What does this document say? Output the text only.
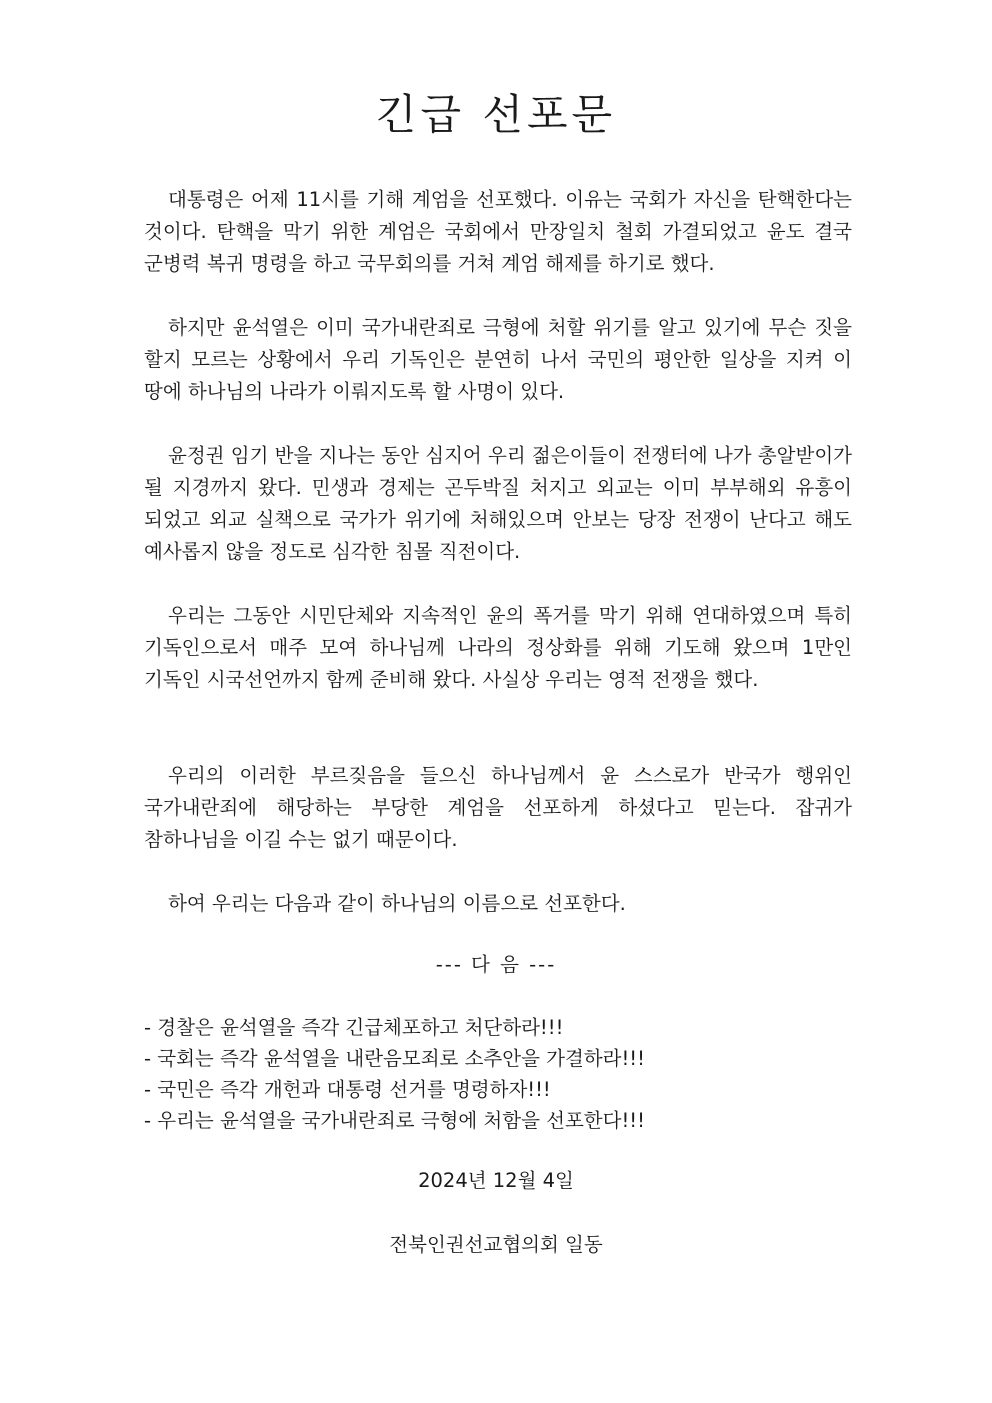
긴급 선포문

대통령은 어제 11시를 기해 계엄을 선포했다. 이유는 국회가 자신을 탄핵한다는 것이다. 탄핵을 막기 위한 계엄은 국회에서 만장일치 철회 가결되었고 윤도 결국 군병력 복귀 명령을 하고 국무회의를 거쳐 계엄 해제를 하기로 했다.

하지만 윤석열은 이미 국가내란죄로 극형에 처할 위기를 알고 있기에 무슨 짓을 할지 모르는 상황에서 우리 기독인은 분연히 나서 국민의 평안한 일상을 지켜 이 땅에 하나님의 나라가 이뤄지도록 할 사명이 있다.

윤정권 임기 반을 지나는 동안 심지어 우리 젊은이들이 전쟁터에 나가 총알받이가 될 지경까지 왔다. 민생과 경제는 곤두박질 처지고 외교는 이미 부부해외 유흥이 되었고 외교 실책으로 국가가 위기에 처해있으며 안보는 당장 전쟁이 난다고 해도 예사롭지 않을 정도로 심각한 침몰 직전이다.

우리는 그동안 시민단체와 지속적인 윤의 폭거를 막기 위해 연대하였으며 특히 기독인으로서 매주 모여 하나님께 나라의 정상화를 위해 기도해 왔으며 1만인 기독인 시국선언까지 함께 준비해 왔다. 사실상 우리는 영적 전쟁을 했다.

우리의 이러한 부르짖음을 들으신 하나님께서 윤 스스로가 반국가 행위인 국가내란죄에 해당하는 부당한 계엄을 선포하게 하셨다고 믿는다. 잡귀가 참하나님을 이길 수는 없기 때문이다.

하여 우리는 다음과 같이 하나님의 이름으로 선포한다.

--- 다 음 ---

- 경찰은 윤석열을 즉각 긴급체포하고 처단하라!!!
- 국회는 즉각 윤석열을 내란음모죄로 소추안을 가결하라!!!
- 국민은 즉각 개헌과 대통령 선거를 명령하자!!!
- 우리는 윤석열을 국가내란죄로 극형에 처함을 선포한다!!!

2024년 12월 4일

전북인권선교협의회 일동
